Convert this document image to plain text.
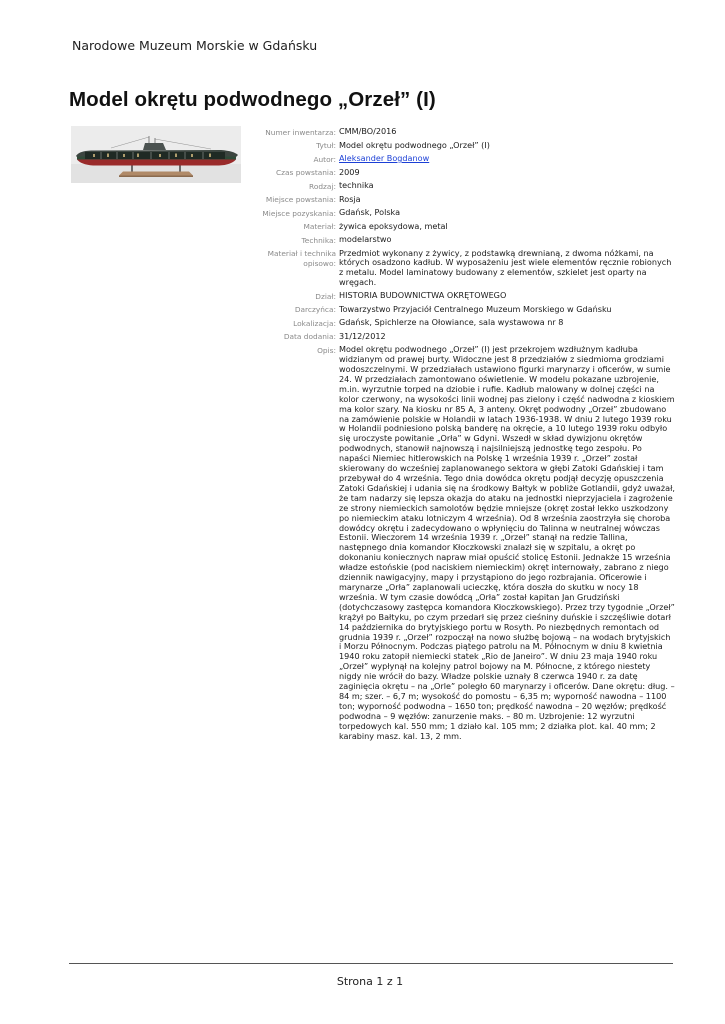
Narodowe Muzeum Morskie w Gdańsku
Model okrętu podwodnego „Orzeł” (I)
Numer inwentarza: CMM/BO/2016
Tytuł: Model okrętu podwodnego „Orzeł” (I)
Autor: Aleksander Bogdanow
Czas powstania: 2009
Rodzaj: technika
Miejsce powstania: Rosja
Miejsce pozyskania: Gdańsk, Polska
Materiał: żywica epoksydowa, metal
Technika: modelarstwo
Materiał i technika opisowo:
Przedmiot wykonany z żywicy, z podstawką drewnianą, z dwoma nóżkami, na których osadzono kadłub. W wyposażeniu jest wiele elementów ręcznie robionych z metalu. Model laminatowy budowany z elementów, szkielet jest oparty na wręgach.
Dział: HISTORIA BUDOWNICTWA OKRĘTOWEGO
Darczyńca: Towarzystwo Przyjaciół Centralnego Muzeum Morskiego w Gdańsku
Lokalizacja: Gdańsk, Spichlerze na Ołowiance, sala wystawowa nr 8
Data dodania: 31/12/2012
Opis: Model okrętu podwodnego „Orzeł” (I) jest przekrojem wzdłużnym kadłuba widzianym od prawej burty. Widoczne jest 8 przedziałów z siedmioma grodziami wodoszczelnymi. W przedziałach ustawiono figurki marynarzy i oficerów, w sumie 24. W przedziałach zamontowano oświetlenie. W modelu pokazane uzbrojenie, m.in. wyrzutnie torped na dziobie i rufie. Kadłub malowany w dolnej części na kolor czerwony, na wysokości linii wodnej pas zielony i część nadwodna z kioskiem ma kolor szary. Na kiosku nr 85 A, 3 anteny. Okręt podwodny „Orzeł” zbudowano na zamówienie polskie w Holandii w latach 1936-1938. W dniu 2 lutego 1939 roku w Holandii podniesiono polską banderę na okręcie, a 10 lutego 1939 roku odbyło się uroczyste powitanie „Orła” w Gdyni. Wszedł w skład dywizjonu okrętów podwodnych, stanowił najnowszą i najsilniejszą jednostkę tego zespołu. Po napaści Niemiec hitlerowskich na Polskę 1 września 1939 r. „Orzeł” został skierowany do wcześniej zaplanowanego sektora w głębi Zatoki Gdańskiej i tam przebywał do 4 września. Tego dnia dowódca okrętu podjął decyzję opuszczenia Zatoki Gdańskiej i udania się na środkowy Bałtyk w pobliże Gotlandii, gdyż uważał, że tam nadarzy się lepsza okazja do ataku na jednostki nieprzyjaciela i zagrożenie ze strony niemieckich samolotów będzie mniejsze (okręt został lekko uszkodzony po niemieckim ataku lotniczym 4 września). Od 8 września zaostrzyła się choroba dowódcy okrętu i zadecydowano o wpłynięciu do Talinna w neutralnej wówczas Estonii. Wieczorem 14 września 1939 r. „Orzeł” stanął na redzie Tallina, następnego dnia komandor Kłoczkowski znalazł się w szpitalu, a okręt po dokonaniu koniecznych napraw miał opuścić stolicę Estonii. Jednakże 15 września władze estońskie (pod naciskiem niemieckim) okręt internowały, zabrano z niego dziennik nawigacyjny, mapy i przystąpiono do jego rozbrajania. Oficerowie i marynarze „Orła” zaplanowali ucieczkę, która doszła do skutku w nocy 18 września. W tym czasie dowódcą „Orła” został kapitan Jan Grudziński (dotychczasowy zastępca komandora Kłoczkowskiego). Przez trzy tygodnie „Orzeł” krążył po Bałtyku, po czym przedarł się przez cieśniny duńskie i szczęśliwie dotarł 14 października do brytyjskiego portu w Rosyth. Po niezbędnych remontach od grudnia 1939 r. „Orzeł” rozpoczął na nowo służbę bojową – na wodach brytyjskich i Morzu Północnym. Podczas piątego patrolu na M. Północnym w dniu 8 kwietnia 1940 roku zatopił niemiecki statek „Rio de Janeiro”. W dniu 23 maja 1940 roku „Orzeł” wypłynął na kolejny patrol bojowy na M. Północne, z którego niestety nigdy nie wrócił do bazy. Władze polskie uznały 8 czerwca 1940 r. za datę zaginięcia okrętu – na „Orle” poległo 60 marynarzy i oficerów. Dane okrętu: dług. – 84 m; szer. – 6,7 m; wysokość do pomostu – 6,35 m; wyporność nawodna – 1100 ton; wyporność podwodna – 1650 ton; prędkość nawodna – 20 węzłów; prędkość podwodna – 9 węzłów: zanurzenie maks. – 80 m. Uzbrojenie: 12 wyrzutni torpedowych kal. 550 mm; 1 działo kal. 105 mm; 2 działka plot. kal. 40 mm; 2 karabiny masz. kal. 13, 2 mm.
Strona 1 z 1
